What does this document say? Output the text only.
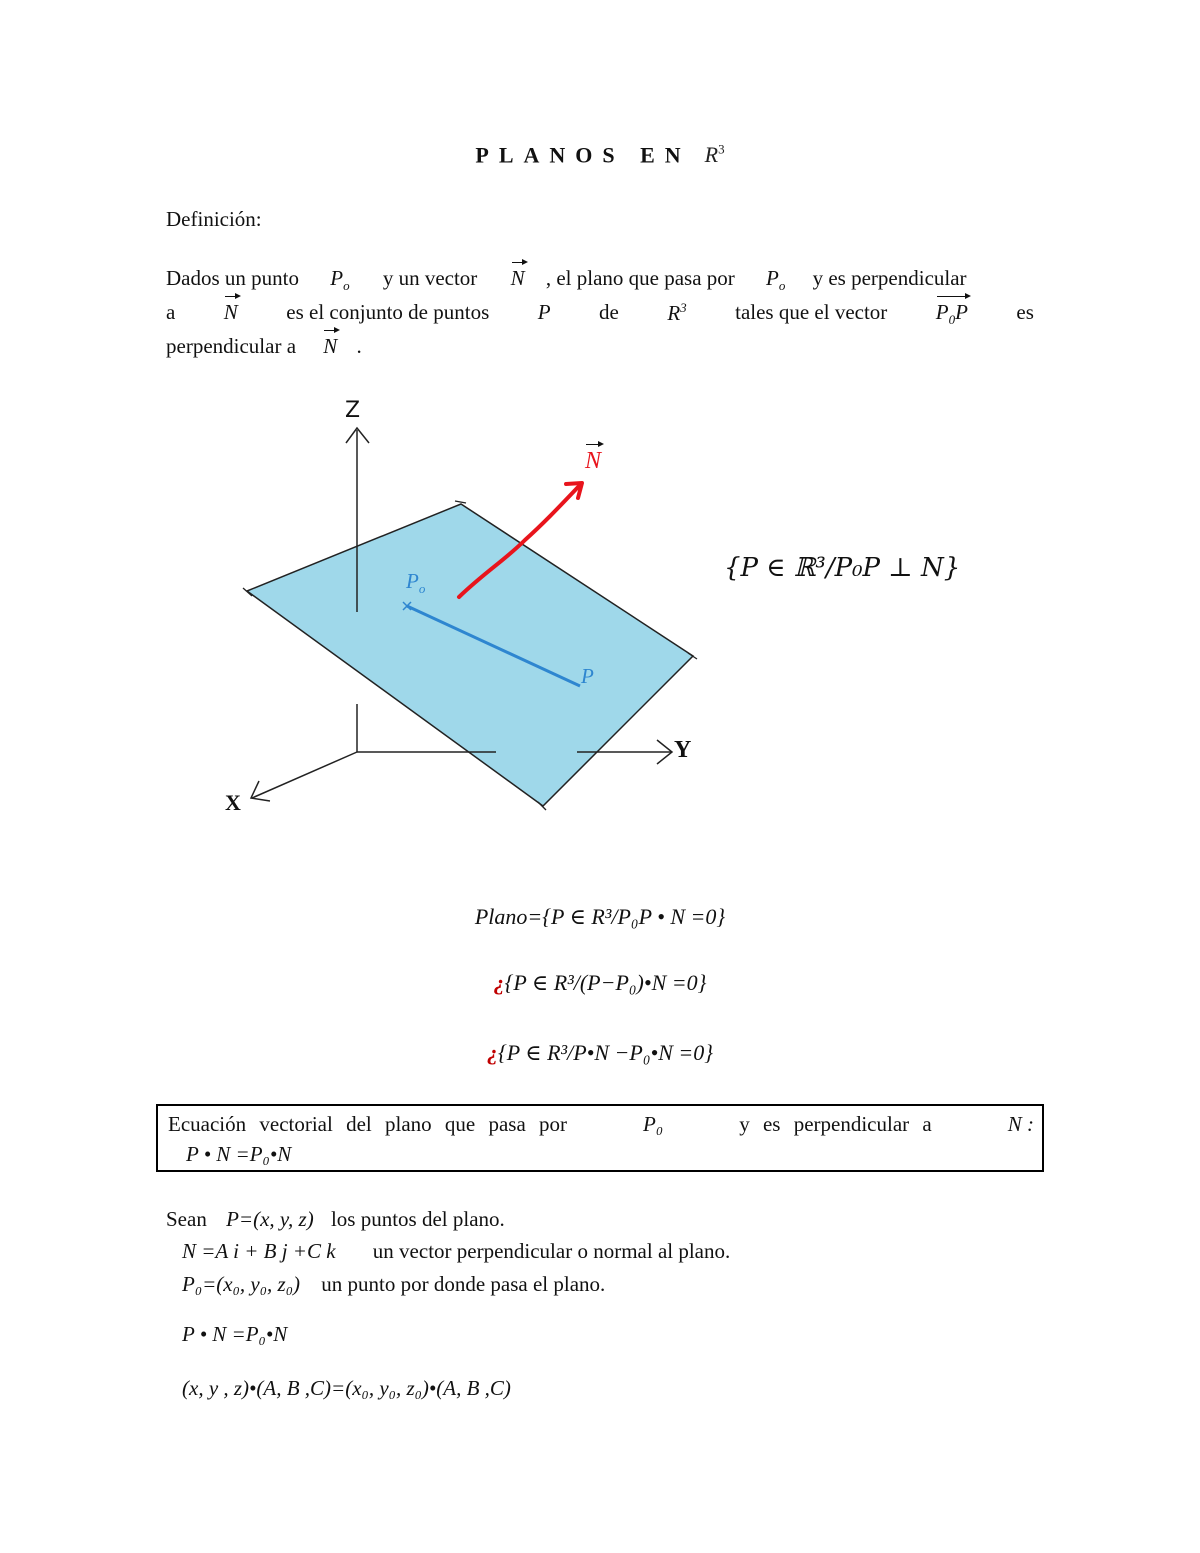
PLANOS EN $R^3$
Definición:
Dados un punto $P_o$ y un vector N , el plano que pasa por $P_o$ y es perpendicular
a N es el conjunto de puntos P de $R^3$ tales que el vector $P_0P$ es
perpendicular a N .
Z
Y
X
N
$P_o$
P
{P ∈ ℝ³/P₀P ⊥ N}
Plano={P ∈ R³/P₀P • N =0}
¿{P ∈ R³/(P−P₀)•N =0}
¿{P ∈ R³/P•N −P₀•N =0}
Ecuación vectorial del plano que pasa por	P₀	y es perpendicular a	N :
P • N =P₀•N
Sean P=(x, y, z) los puntos del plano.
N =A i + B j +C k un vector perpendicular o normal al plano.
P₀=(x₀, y₀, z₀) un punto por donde pasa el plano.
P • N =P₀•N
(x, y , z)•(A, B ,C)=(x₀, y₀, z₀)•(A, B ,C)
